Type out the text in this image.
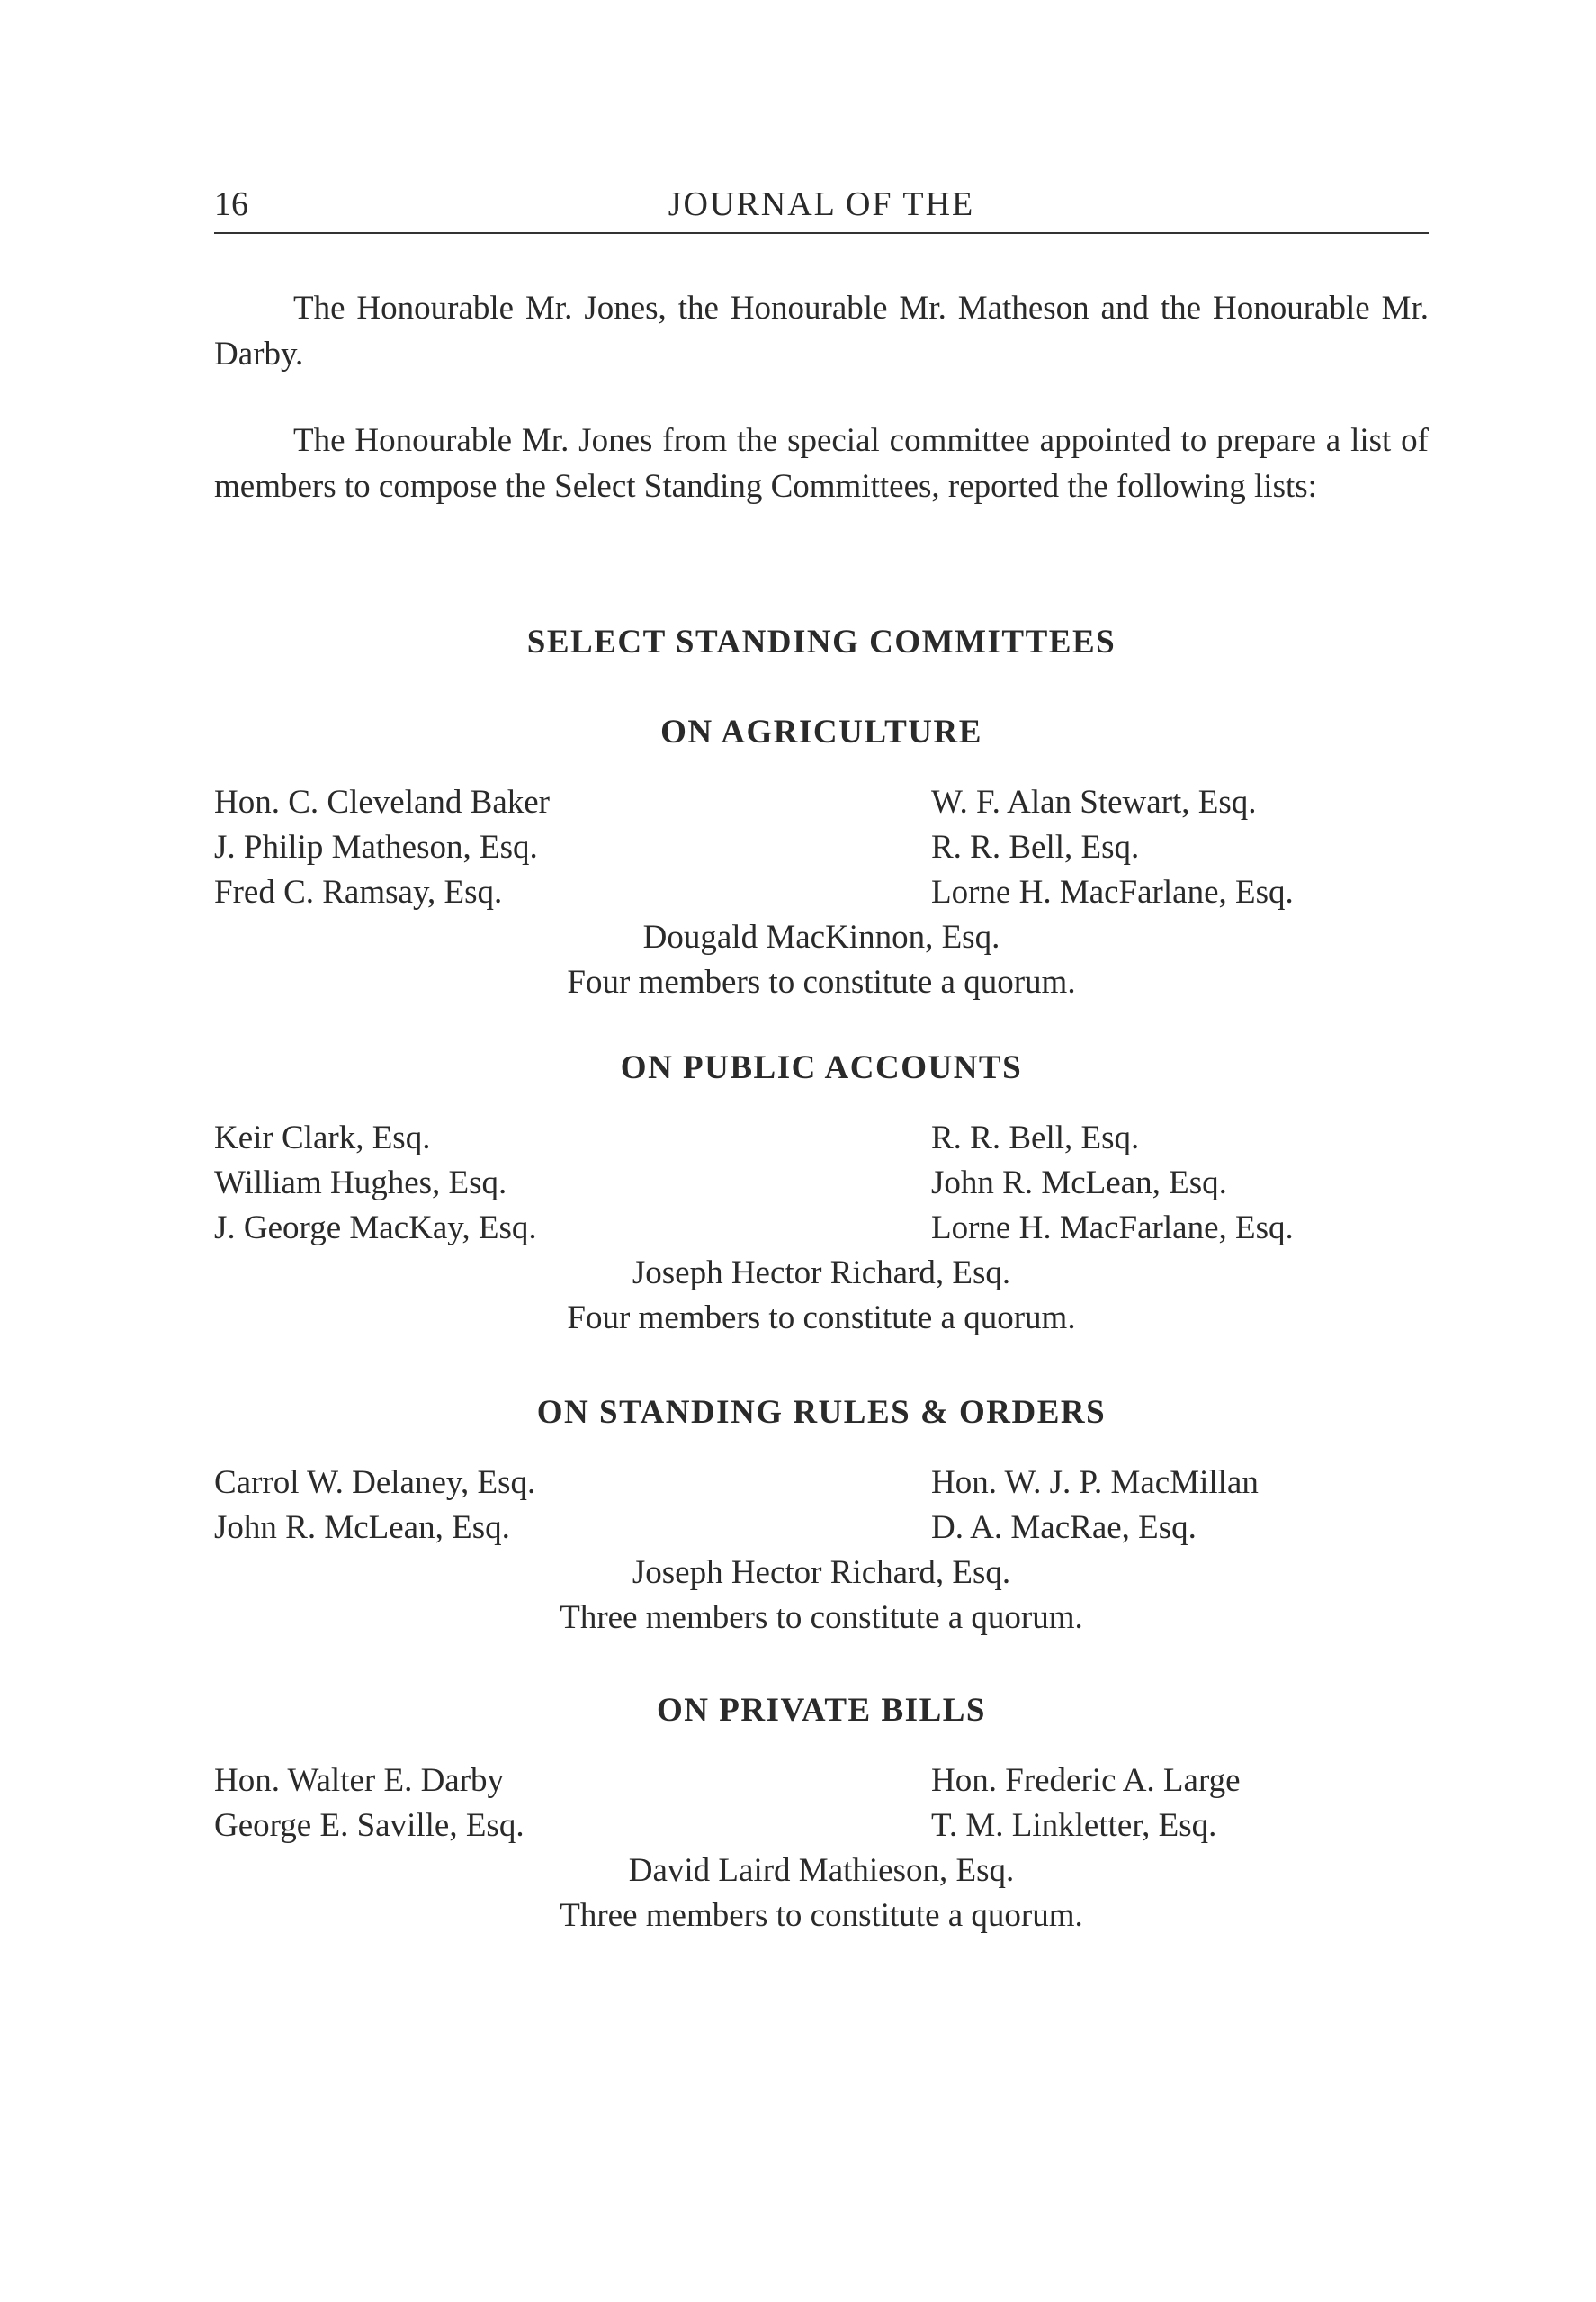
16	JOURNAL OF THE

The Honourable Mr. Jones, the Honourable Mr. Matheson and the Honourable Mr. Darby.

The Honourable Mr. Jones from the special committee appointed to prepare a list of members to compose the Select Standing Committees, reported the following lists:

SELECT STANDING COMMITTEES
ON AGRICULTURE
Hon. C. Cleveland Baker	W. F. Alan Stewart, Esq.
J. Philip Matheson, Esq.	R. R. Bell, Esq.
Fred C. Ramsay, Esq.	Lorne H. MacFarlane, Esq.
Dougald MacKinnon, Esq.
Four members to constitute a quorum.
ON PUBLIC ACCOUNTS
Keir Clark, Esq.	R. R. Bell, Esq.
William Hughes, Esq.	John R. McLean, Esq.
J. George MacKay, Esq.	Lorne H. MacFarlane, Esq.
Joseph Hector Richard, Esq.
Four members to constitute a quorum.
ON STANDING RULES & ORDERS
Carrol W. Delaney, Esq.	Hon. W. J. P. MacMillan
John R. McLean, Esq.	D. A. MacRae, Esq.
Joseph Hector Richard, Esq.
Three members to constitute a quorum.
ON PRIVATE BILLS
Hon. Walter E. Darby	Hon. Frederic A. Large
George E. Saville, Esq.	T. M. Linkletter, Esq.
David Laird Mathieson, Esq.
Three members to constitute a quorum.
